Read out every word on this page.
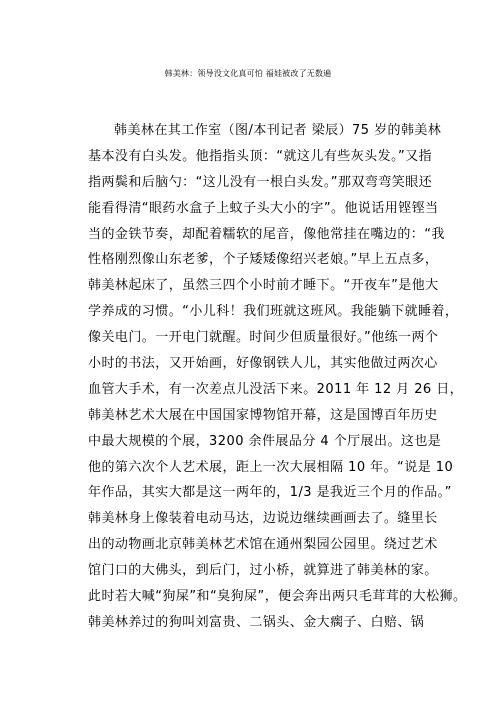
韩美林：领导没文化真可怕 福娃被改了无数遍
韩美林在其工作室（图/本刊记者 梁辰）75 岁的韩美林
基本没有白头发。他指指头顶：“就这儿有些灰头发。”又指
指两鬓和后脑勺：“这儿没有一根白头发。”那双弯弯笑眼还
能看得清“眼药水盒子上蚊子头大小的字”。他说话用铿铿当
当的金铁节奏，却配着糯软的尾音，像他常挂在嘴边的：“我
性格刚烈像山东老爹，个子矮矮像绍兴老娘。”早上五点多，
韩美林起床了，虽然三四个小时前才睡下。“开夜车”是他大
学养成的习惯。“小儿科！我们班就这班风。我能躺下就睡着，
像关电门。一开电门就醒。时间少但质量很好。”他练一两个
小时的书法，又开始画，好像钢铁人儿，其实他做过两次心
血管大手术，有一次差点儿没活下来。2011 年 12 月 26 日，
韩美林艺术大展在中国国家博物馆开幕，这是国博百年历史
中最大规模的个展，3200 余件展品分 4 个厅展出。这也是
他的第六次个人艺术展，距上一次大展相隔 10 年。“说是 10
年作品，其实大都是这一两年的，1/3 是我近三个月的作品。”
韩美林身上像装着电动马达，边说边继续画画去了。缝里长
出的动物画北京韩美林艺术馆在通州梨园公园里。绕过艺术
馆门口的大佛头，到后门，过小桥，就算进了韩美林的家。
此时若大喊“狗屎”和“臭狗屎”，便会奔出两只毛茸茸的大松狮。
韩美林养过的狗叫刘富贵、二锅头、金大瘸子、白赔、锅
